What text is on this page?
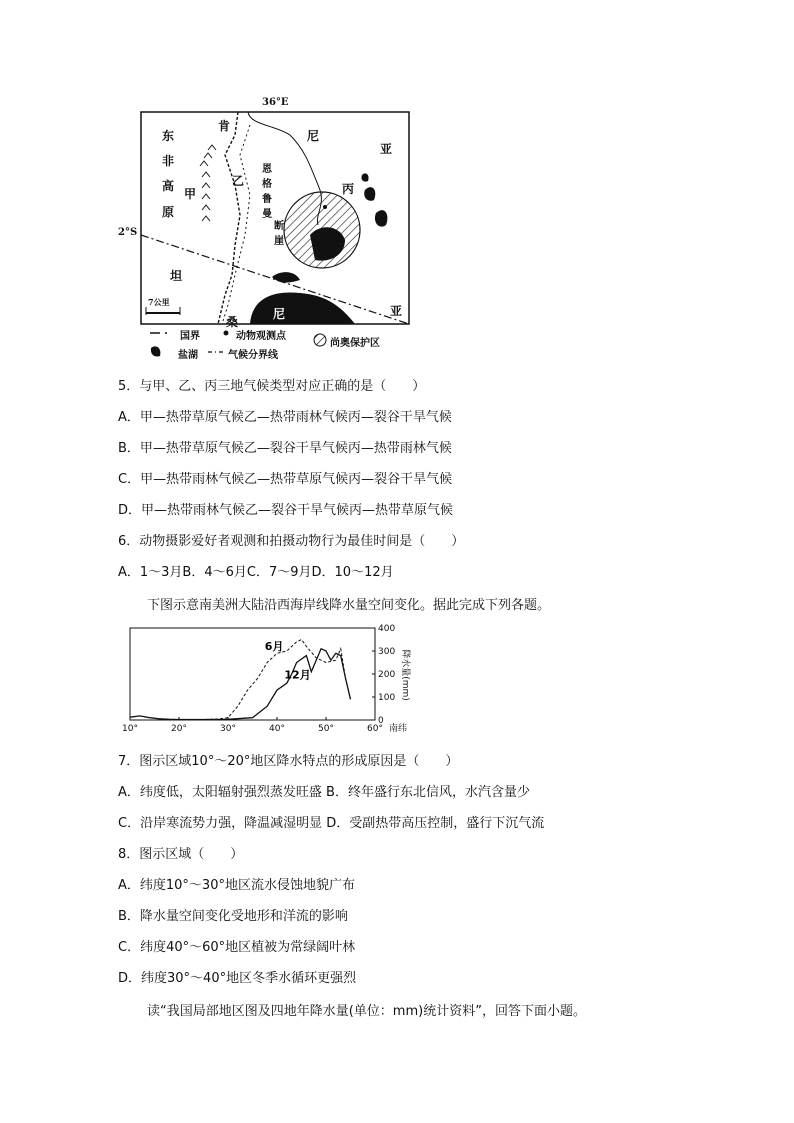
36°E
2°S
东
非
高
原
肯
甲
乙
丙
尼
亚
坦
桑
尼	亚
恩
格
鲁
曼
断
崖
7公里
国界	动物观测点
尚奥保护区
盐湖	气候分界线
5．与甲、乙、丙三地气候类型对应正确的是（　　）
A．甲—热带草原气候乙—热带雨林气候丙—裂谷干旱气候
B．甲—热带草原气候乙—裂谷干旱气候丙—热带雨林气候
C．甲—热带雨林气候乙—热带草原气候丙—裂谷干旱气候
D．甲—热带雨林气候乙—裂谷干旱气候丙—热带草原气候
6．动物摄影爱好者观测和拍摄动物行为最佳时间是（　　）
A．1～3月B．4～6月C．7～9月D．10～12月
下图示意南美洲大陆沿西海岸线降水量空间变化。据此完成下列各题。
10°	20°	30°	40°	50°	60° 南纬
0
100
200
300
400
6月
12月	降水量(mm)
7．图示区域10°～20°地区降水特点的形成原因是（　　）
A．纬度低，太阳辐射强烈蒸发旺盛 B．终年盛行东北信风，水汽含量少
C．沿岸寒流势力强，降温减湿明显 D．受副热带高压控制，盛行下沉气流
8．图示区域（　　）
A．纬度10°～30°地区流水侵蚀地貌广布
B．降水量空间变化受地形和洋流的影响
C．纬度40°～60°地区植被为常绿阔叶林
D．纬度30°～40°地区冬季水循环更强烈
读“我国局部地区图及四地年降水量(单位：mm)统计资料”，回答下面小题。
